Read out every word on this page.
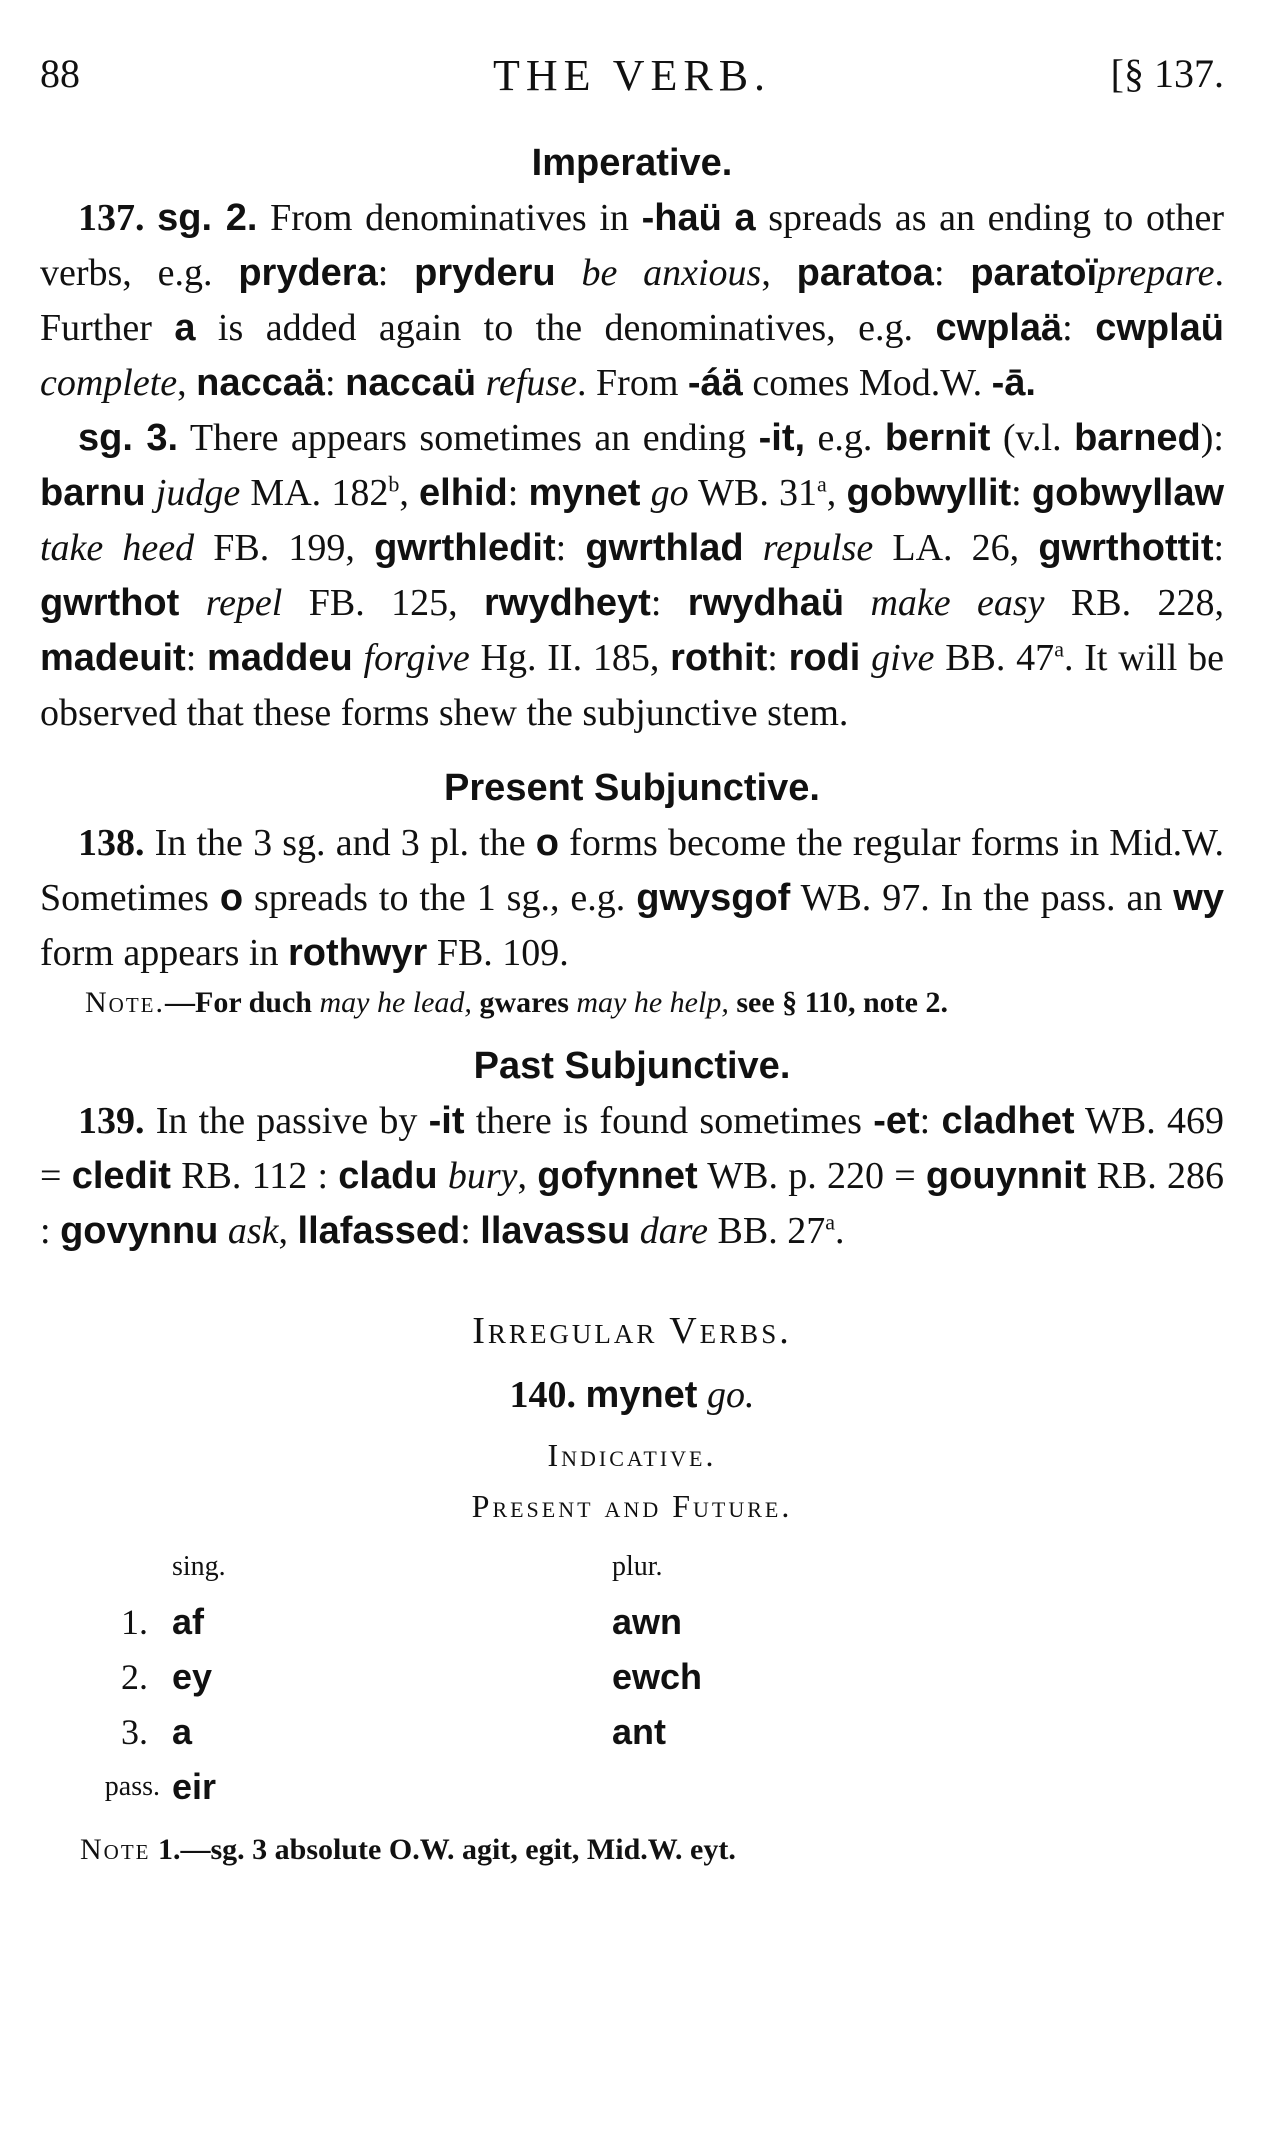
88	THE VERB.	[§ 137.
Imperative.

137. sg. 2. From denominatives in -haü a spreads as an ending to other verbs, e.g. prydera: pryderu be anxious, paratoa: paratoïprepare. Further a is added again to the denominatives, e.g. cwplaä: cwplaü complete, naccaä: naccaü refuse. From -áä comes Mod.W. -ā.

sg. 3. There appears sometimes an ending -it, e.g. bernit (v.l. barned): barnu judge MA. 182$^b$, elhid: mynet go WB. 31$^a$, gobwyllit: gobwyllaw take heed FB. 199, gwrthledit: gwrthlad repulse LA. 26, gwrthottit: gwrthot repel FB. 125, rwydheyt: rwydhaü make easy RB. 228, madeuit: maddeu forgive Hg. II. 185, rothit: rodi give BB. 47$^a$. It will be observed that these forms shew the subjunctive stem.

Present Subjunctive.

138. In the 3 sg. and 3 pl. the o forms become the regular forms in Mid.W. Sometimes o spreads to the 1 sg., e.g. gwysgof WB. 97. In the pass. an wy form appears in rothwyr FB. 109.

Note.—For duch may he lead, gwares may he help, see § 110, note 2.

Past Subjunctive.

139. In the passive by -it there is found sometimes -et: cladhet WB. 469 = cledit RB. 112 : cladu bury, gofynnet WB. p. 220 = gouynnit RB. 286 : govynnu ask, llafassed: llavassu dare BB. 27$^a$.

Irregular Verbs.
140. mynet go.
Indicative.
Present and Future.
	sing.	plur.
1.	af	awn
2.	ey	ewch
3.	a	ant
pass.	eir	

Note 1.—sg. 3 absolute O.W. agit, egit, Mid.W. eyt.
